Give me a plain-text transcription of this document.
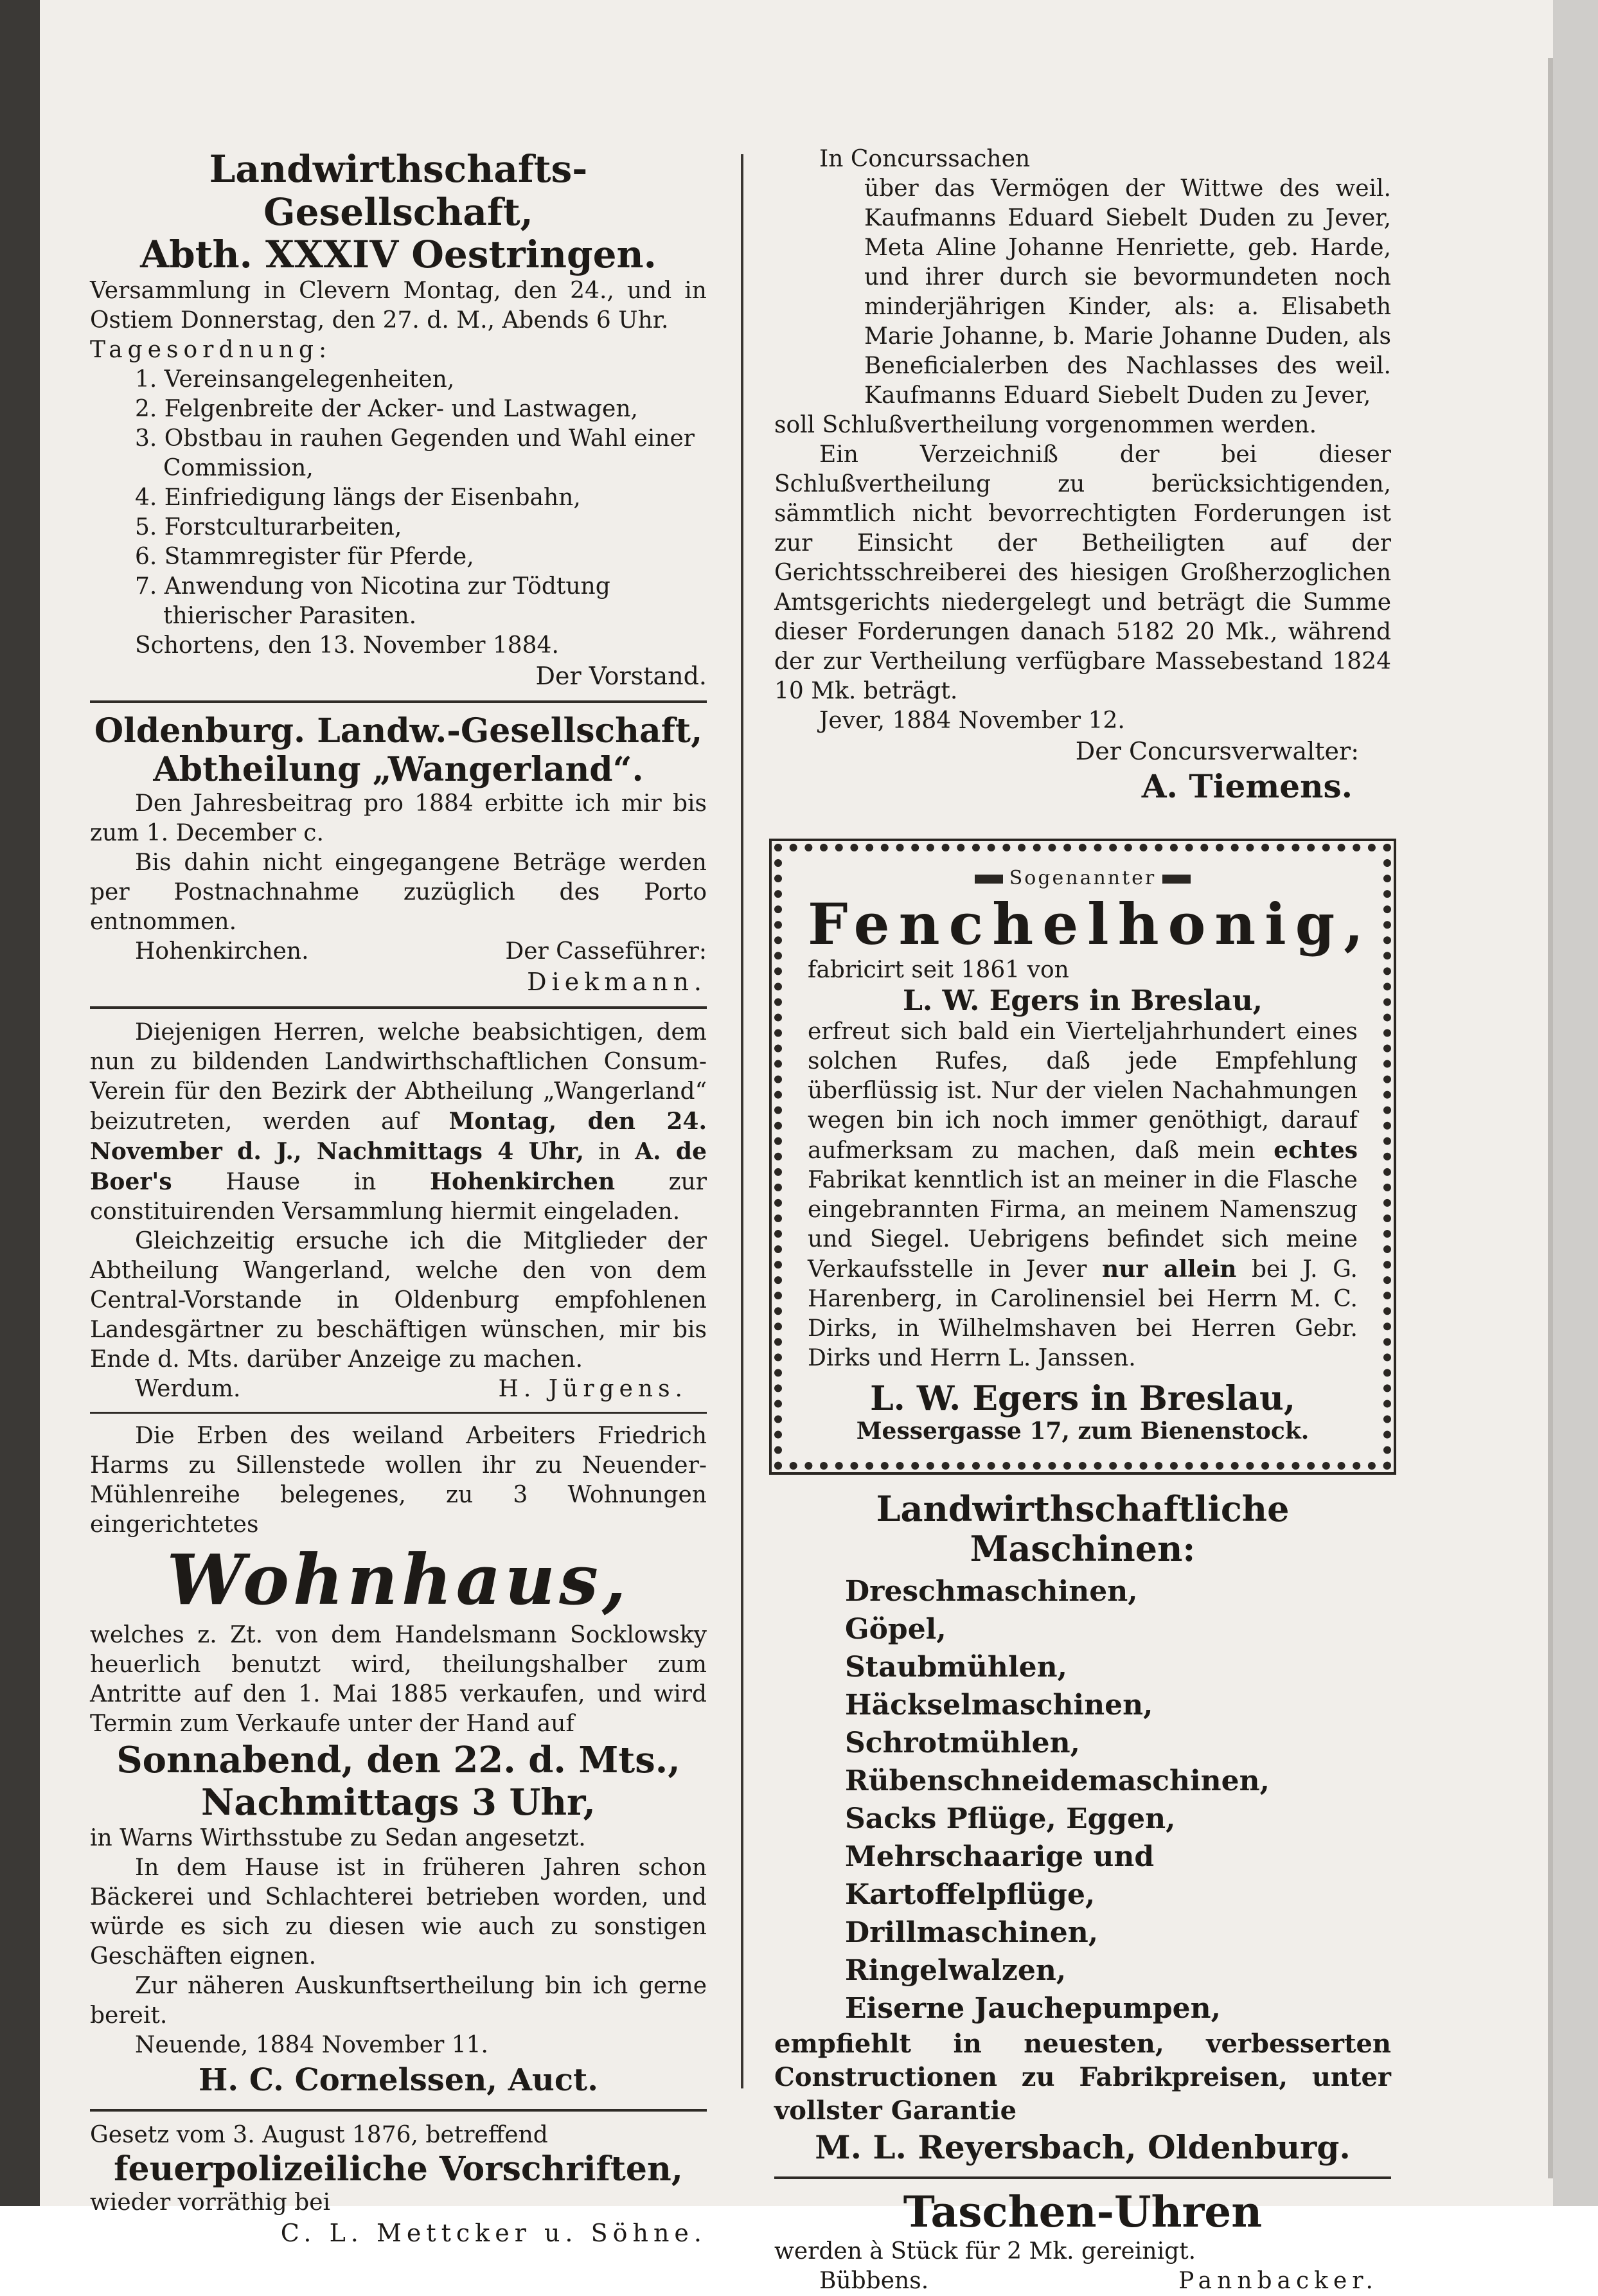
Landwirthschafts-Gesellschaft,
Abth. XXXIV Oestringen.
Versammlung in Clevern Montag, den 24., und in Ostiem Donnerstag, den 27. d. M., Abends 6 Uhr.
Tagesordnung:
1. Vereinsangelegenheiten,
2. Felgenbreite der Acker- und Lastwagen,
3. Obstbau in rauhen Gegenden und Wahl einer Commission,
4. Einfriedigung längs der Eisenbahn,
5. Forstculturarbeiten,
6. Stammregister für Pferde,
7. Anwendung von Nicotina zur Tödtung thierischer Parasiten.
Schortens, den 13. November 1884.
Der Vorstand.
Oldenburg. Landw.-Gesellschaft,
Abtheilung „Wangerland“.
Den Jahresbeitrag pro 1884 erbitte ich mir bis zum 1. December c.
Bis dahin nicht eingegangene Beträge werden per Postnachnahme zuzüglich des Porto entnommen.
Hohenkirchen.	Der Casseführer:
Diekmann.
Diejenigen Herren, welche beabsichtigen, dem nun zu bildenden Landwirthschaftlichen Consum-Verein für den Bezirk der Abtheilung „Wangerland“ beizutreten, werden auf Montag, den 24. November d. J., Nachmittags 4 Uhr, in A. de Boer's Hause in Hohenkirchen zur constituirenden Versammlung hiermit eingeladen.
Gleichzeitig ersuche ich die Mitglieder der Abtheilung Wangerland, welche den von dem Central-Vorstande in Oldenburg empfohlenen Landesgärtner zu beschäftigen wünschen, mir bis Ende d. Mts. darüber Anzeige zu machen.
Werdum.	H. Jürgens.
Die Erben des weiland Arbeiters Friedrich Harms zu Sillenstede wollen ihr zu Neuender-Mühlenreihe belegenes, zu 3 Wohnungen eingerichtetes
Wohnhaus,
welches z. Zt. von dem Handelsmann Socklowsky heuerlich benutzt wird, theilungshalber zum Antritte auf den 1. Mai 1885 verkaufen, und wird Termin zum Verkaufe unter der Hand auf
Sonnabend, den 22. d. Mts.,
Nachmittags 3 Uhr,
in Warns Wirthsstube zu Sedan angesetzt.
In dem Hause ist in früheren Jahren schon Bäckerei und Schlachterei betrieben worden, und würde es sich zu diesen wie auch zu sonstigen Geschäften eignen.
Zur näheren Auskunftsertheilung bin ich gerne bereit.
Neuende, 1884 November 11.
H. C. Cornelssen, Auct.
Gesetz vom 3. August 1876, betreffend
feuerpolizeiliche Vorschriften,
wieder vorräthig bei
C. L. Mettcker u. Söhne.
In Concurssachen
über das Vermögen der Wittwe des weil. Kaufmanns Eduard Siebelt Duden zu Jever, Meta Aline Johanne Henriette, geb. Harde, und ihrer durch sie bevormundeten noch minderjährigen Kinder, als: a. Elisabeth Marie Johanne, b. Marie Johanne Duden, als Beneficialerben des Nachlasses des weil. Kaufmanns Eduard Siebelt Duden zu Jever,
soll Schlußvertheilung vorgenommen werden.
Ein Verzeichniß der bei dieser Schlußvertheilung zu berücksichtigenden, sämmtlich nicht bevorrechtigten Forderungen ist zur Einsicht der Betheiligten auf der Gerichtsschreiberei des hiesigen Großherzoglichen Amtsgerichts niedergelegt und beträgt die Summe dieser Forderungen danach 5182 20 Mk., während der zur Vertheilung verfügbare Massebestand 1824 10 Mk. beträgt.
Jever, 1884 November 12.
Der Concursverwalter:
A. Tiemens.
Sogenannter
Fenchelhonig,
fabricirt seit 1861 von
L. W. Egers in Breslau,
erfreut sich bald ein Vierteljahrhundert eines solchen Rufes, daß jede Empfehlung überflüssig ist. Nur der vielen Nachahmungen wegen bin ich noch immer genöthigt, darauf aufmerksam zu machen, daß mein echtes Fabrikat kenntlich ist an meiner in die Flasche eingebrannten Firma, an meinem Namenszug und Siegel. Uebrigens befindet sich meine Verkaufsstelle in Jever nur allein bei J. G. Harenberg, in Carolinensiel bei Herrn M. C. Dirks, in Wilhelmshaven bei Herren Gebr. Dirks und Herrn L. Janssen.
L. W. Egers in Breslau,
Messergasse 17, zum Bienenstock.
Landwirthschaftliche Maschinen:
Dreschmaschinen,
Göpel,
Staubmühlen,
Häckselmaschinen,
Schrotmühlen,
Rübenschneidemaschinen,
Sacks Pflüge, Eggen,
Mehrschaarige und Kartoffelpflüge,
Drillmaschinen,
Ringelwalzen,
Eiserne Jauchepumpen,
empfiehlt in neuesten, verbesserten Constructionen zu Fabrikpreisen, unter vollster Garantie
M. L. Reyersbach, Oldenburg.
Taschen-Uhren
werden à Stück für 2 Mk. gereinigt.
Bübbens.	Pannbacker.
